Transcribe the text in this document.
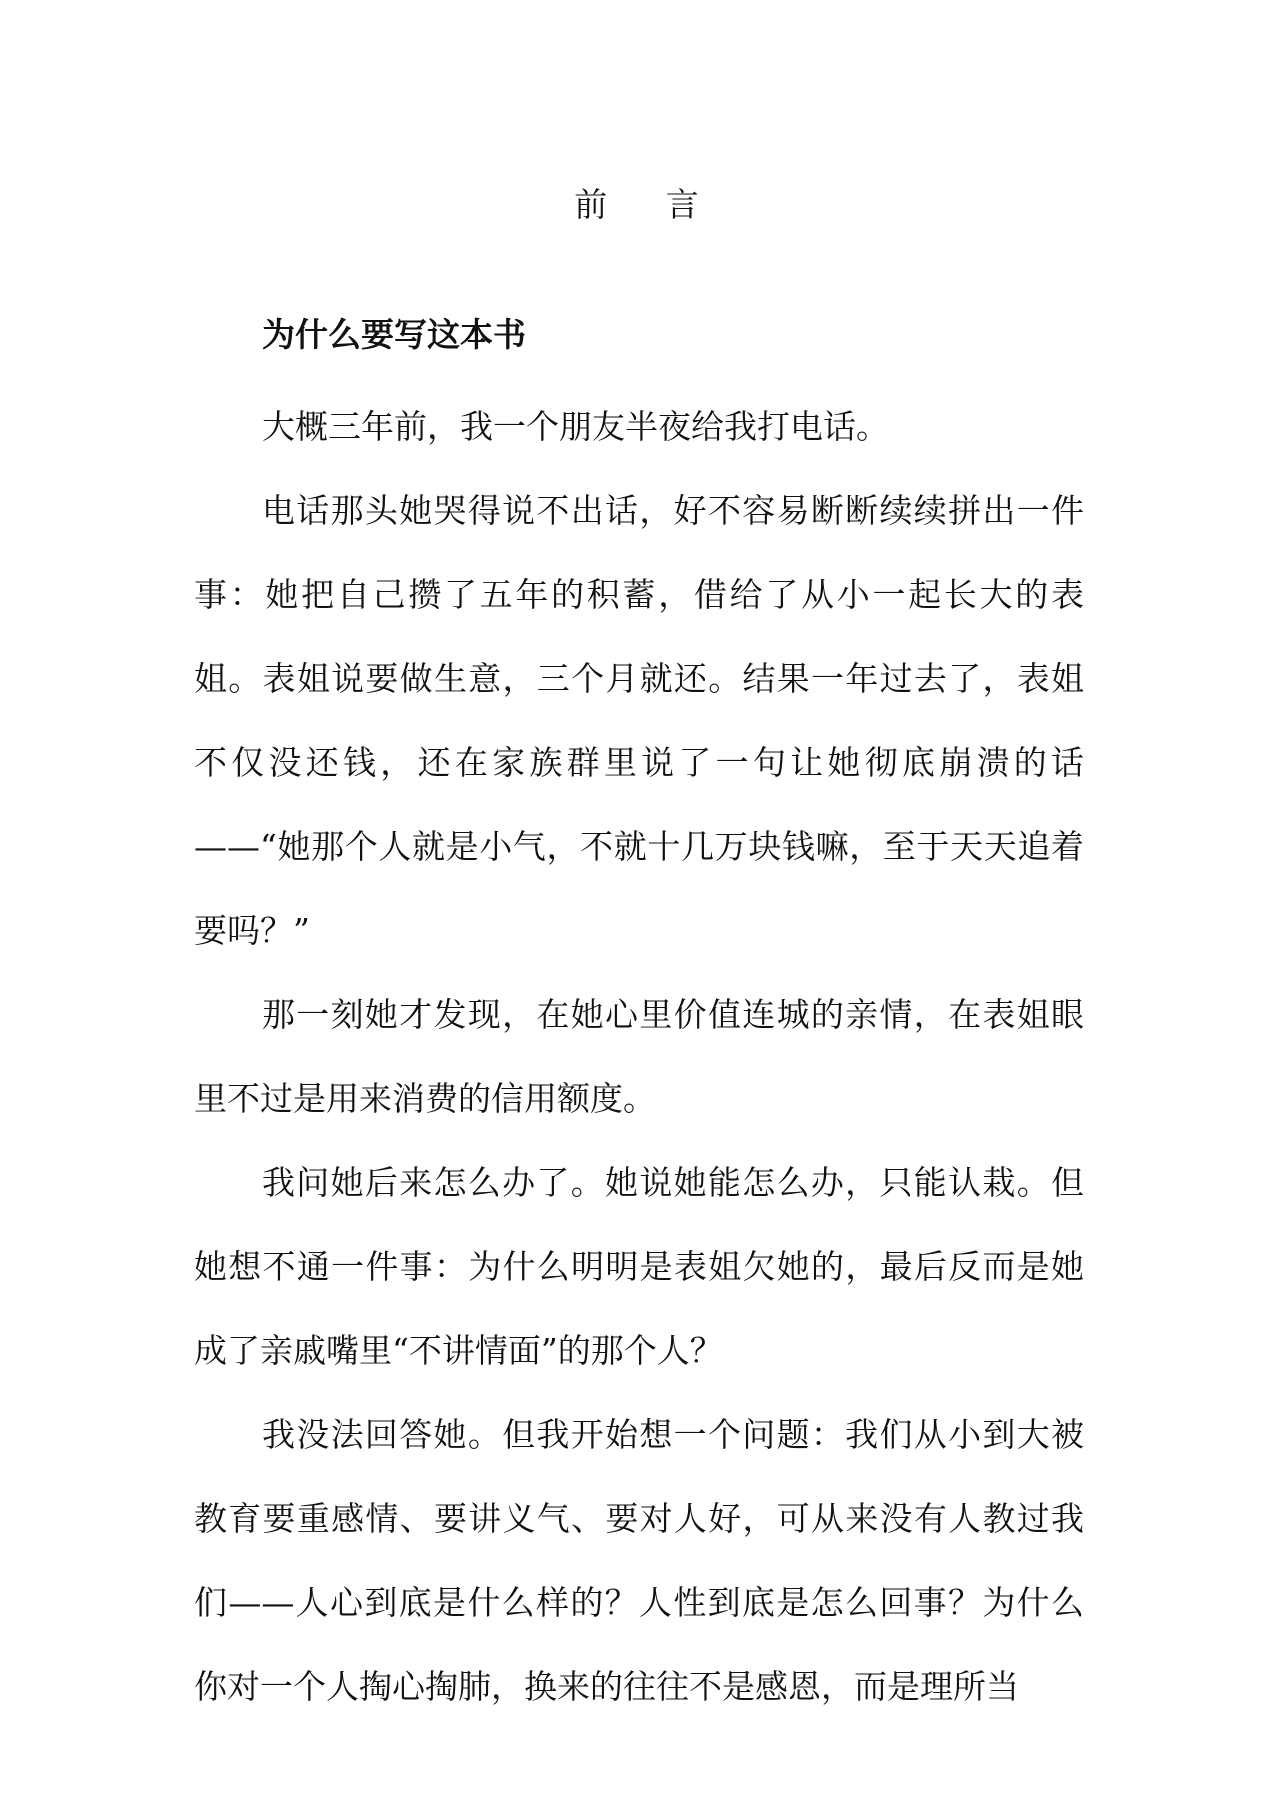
前 言
为什么要写这本书

大概三年前，我一个朋友半夜给我打电话。

电话那头她哭得说不出话，好不容易断断续续拼出一件事：她把自己攒了五年的积蓄，借给了从小一起长大的表姐。表姐说要做生意，三个月就还。结果一年过去了，表姐不仅没还钱，还在家族群里说了一句让她彻底崩溃的话——“她那个人就是小气，不就十几万块钱嘛，至于天天追着要吗？”

那一刻她才发现，在她心里价值连城的亲情，在表姐眼里不过是用来消费的信用额度。

我问她后来怎么办了。她说她能怎么办，只能认栽。但她想不通一件事：为什么明明是表姐欠她的，最后反而是她成了亲戚嘴里“不讲情面”的那个人？

我没法回答她。但我开始想一个问题：我们从小到大被教育要重感情、要讲义气、要对人好，可从来没有人教过我们——人心到底是什么样的？人性到底是怎么回事？为什么你对一个人掏心掏肺，换来的往往不是感恩，而是理所当
